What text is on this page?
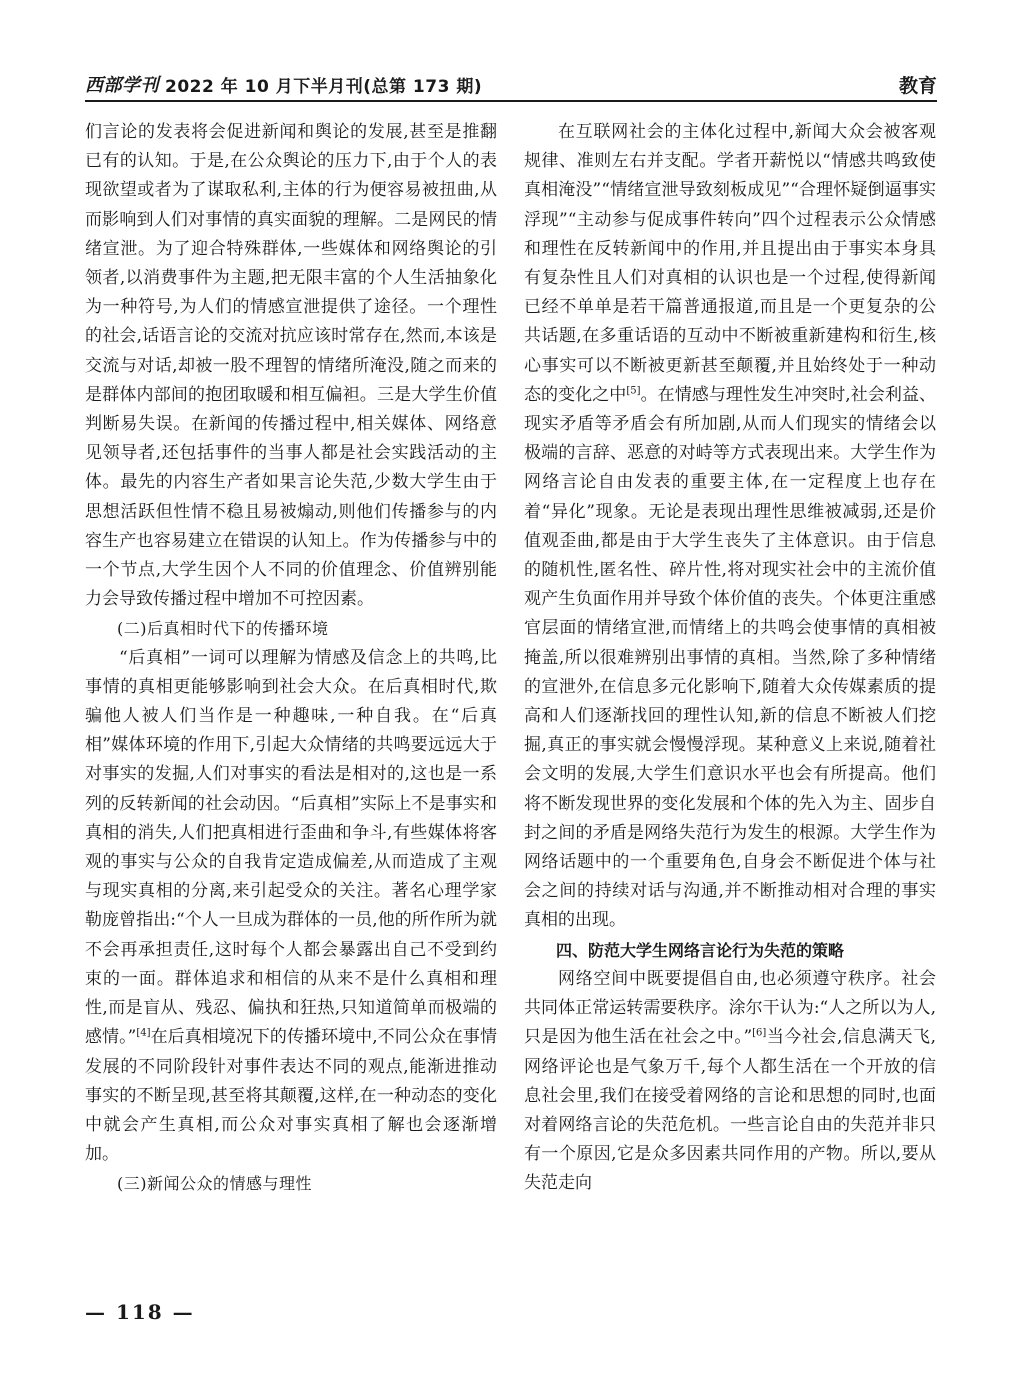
西部学刊 2022 年 10 月下半月刊(总第 173 期)	教育

们言论的发表将会促进新闻和舆论的发展,甚至是推翻已有的认知。于是,在公众舆论的压力下,由于个人的表现欲望或者为了谋取私利,主体的行为便容易被扭曲,从而影响到人们对事情的真实面貌的理解。二是网民的情绪宣泄。为了迎合特殊群体,一些媒体和网络舆论的引领者,以消费事件为主题,把无限丰富的个人生活抽象化为一种符号,为人们的情感宣泄提供了途径。一个理性的社会,话语言论的交流对抗应该时常存在,然而,本该是交流与对话,却被一股不理智的情绪所淹没,随之而来的是群体内部间的抱团取暖和相互偏袒。三是大学生价值判断易失误。在新闻的传播过程中,相关媒体、网络意见领导者,还包括事件的当事人都是社会实践活动的主体。最先的内容生产者如果言论失范,少数大学生由于思想活跃但性情不稳且易被煽动,则他们传播参与的内容生产也容易建立在错误的认知上。作为传播参与中的一个节点,大学生因个人不同的价值理念、价值辨别能力会导致传播过程中增加不可控因素。

(二)后真相时代下的传播环境

“后真相”一词可以理解为情感及信念上的共鸣,比事情的真相更能够影响到社会大众。在后真相时代,欺骗他人被人们当作是一种趣味,一种自我。在“后真相”媒体环境的作用下,引起大众情绪的共鸣要远远大于对事实的发掘,人们对事实的看法是相对的,这也是一系列的反转新闻的社会动因。“后真相”实际上不是事实和真相的消失,人们把真相进行歪曲和争斗,有些媒体将客观的事实与公众的自我肯定造成偏差,从而造成了主观与现实真相的分离,来引起受众的关注。著名心理学家勒庞曾指出:“个人一旦成为群体的一员,他的所作所为就不会再承担责任,这时每个人都会暴露出自己不受到约束的一面。群体追求和相信的从来不是什么真相和理性,而是盲从、残忍、偏执和狂热,只知道简单而极端的感情。”[4]在后真相境况下的传播环境中,不同公众在事情发展的不同阶段针对事件表达不同的观点,能渐进推动事实的不断呈现,甚至将其颠覆,这样,在一种动态的变化中就会产生真相,而公众对事实真相了解也会逐渐增加。

(三)新闻公众的情感与理性

在互联网社会的主体化过程中,新闻大众会被客观规律、准则左右并支配。学者开薪悦以“情感共鸣致使真相淹没”“情绪宣泄导致刻板成见”“合理怀疑倒逼事实浮现”“主动参与促成事件转向”四个过程表示公众情感和理性在反转新闻中的作用,并且提出由于事实本身具有复杂性且人们对真相的认识也是一个过程,使得新闻已经不单单是若干篇普通报道,而且是一个更复杂的公共话题,在多重话语的互动中不断被重新建构和衍生,核心事实可以不断被更新甚至颠覆,并且始终处于一种动态的变化之中[5]。在情感与理性发生冲突时,社会利益、现实矛盾等矛盾会有所加剧,从而人们现实的情绪会以极端的言辞、恶意的对峙等方式表现出来。大学生作为网络言论自由发表的重要主体,在一定程度上也存在着“异化”现象。无论是表现出理性思维被减弱,还是价值观歪曲,都是由于大学生丧失了主体意识。由于信息的随机性,匿名性、碎片性,将对现实社会中的主流价值观产生负面作用并导致个体价值的丧失。个体更注重感官层面的情绪宣泄,而情绪上的共鸣会使事情的真相被掩盖,所以很难辨别出事情的真相。当然,除了多种情绪的宣泄外,在信息多元化影响下,随着大众传媒素质的提高和人们逐渐找回的理性认知,新的信息不断被人们挖掘,真正的事实就会慢慢浮现。某种意义上来说,随着社会文明的发展,大学生们意识水平也会有所提高。他们将不断发现世界的变化发展和个体的先入为主、固步自封之间的矛盾是网络失范行为发生的根源。大学生作为网络话题中的一个重要角色,自身会不断促进个体与社会之间的持续对话与沟通,并不断推动相对合理的事实真相的出现。

四、防范大学生网络言论行为失范的策略

网络空间中既要提倡自由,也必须遵守秩序。社会共同体正常运转需要秩序。涂尔干认为:“人之所以为人,只是因为他生活在社会之中。”[6]当今社会,信息满天飞,网络评论也是气象万千,每个人都生活在一个开放的信息社会里,我们在接受着网络的言论和思想的同时,也面对着网络言论的失范危机。一些言论自由的失范并非只有一个原因,它是众多因素共同作用的产物。所以,要从失范走向

— 118 —
